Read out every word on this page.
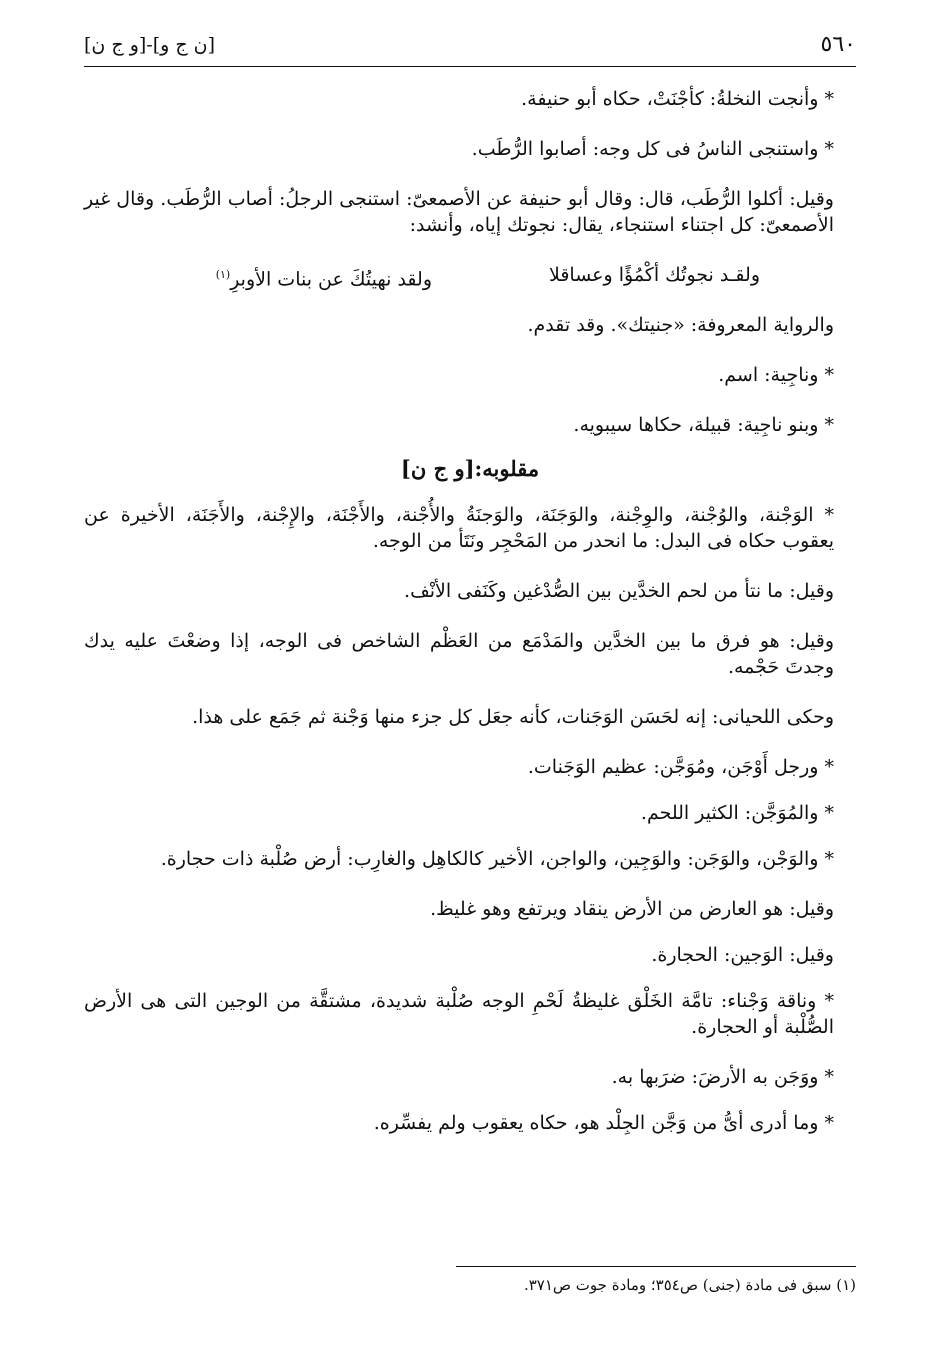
٥٦٠
[ن ج و]-[و ج ن]

* وأنجت النخلةُ: كأجْنَتْ، حكاه أبو حنيفة.

* واستنجى الناسُ فى كل وجه: أصابوا الرُّطَب.

وقيل: أكلوا الرُّطَب، قال: وقال أبو حنيفة عن الأصمعىّ: استنجى الرجلُ: أصاب الرُّطَب. وقال غير الأصمعىّ: كل اجتناء استنجاء، يقال: نجوتك إياه، وأنشد:

ولقـد نجوتُك أكْمُؤًا وعساقلا
ولقد نهيتُكَ عن بنات الأوبرِ$^{(١)}$

والرواية المعروفة: «جنيتك». وقد تقدم.

* وناجِية: اسم.

* وبنو ناجِية: قبيلة، حكاها سيبويه.

مقلوبه:[و ج ن]

* الوَجْنة، والوُجْنة، والوِجْنة، والوَجَنَة، والوَجنَةُ والأُجْنة، والأَجْنَة، والإِجْنة، والأَجَنَة، الأخيرة عن يعقوب حكاه فى البدل: ما انحدر من المَحْجِر ونَتَأ من الوجه.

وقيل: ما نتأ من لحم الخدَّين بين الصُّدْغين وكَنَفى الأنْف.

وقيل: هو فرق ما بين الخدَّين والمَدْمَع من العَظْم الشاخص فى الوجه، إذا وضعْتَ عليه يدك وجدتَ حَجْمه.

وحكى اللحيانى: إنه لحَسَن الوَجَنات، كأنه جعَل كل جزء منها وَجْنة ثم جَمَع على هذا.

* ورجل أَوْجَن، ومُوَجَّن: عظيم الوَجَنات.

* والمُوَجَّن: الكثير اللحم.

* والوَجْن، والوَجَن: والوَجِين، والواجن، الأخير كالكاهِل والغارِب: أرض صُلْبة ذات حجارة.

وقيل: هو العارض من الأرض ينقاد ويرتفع وهو غليظ.

وقيل: الوَجين: الحجارة.

* وناقة وَجْناء: تامَّة الخَلْق غليظةُ لَحْمِ الوجه صُلْبة شديدة، مشتقَّة من الوجين التى هى الأرض الصُّلْبة أو الحجارة.

* ووَجَن به الأرضَ: ضرَبها به.

* وما أدرى أىُّ من وَجَّن الجِلْد هو، حكاه يعقوب ولم يفسِّره.

(١) سبق فى مادة (جنى) ص٣٥٤؛ ومادة جوت ص٣٧١.
